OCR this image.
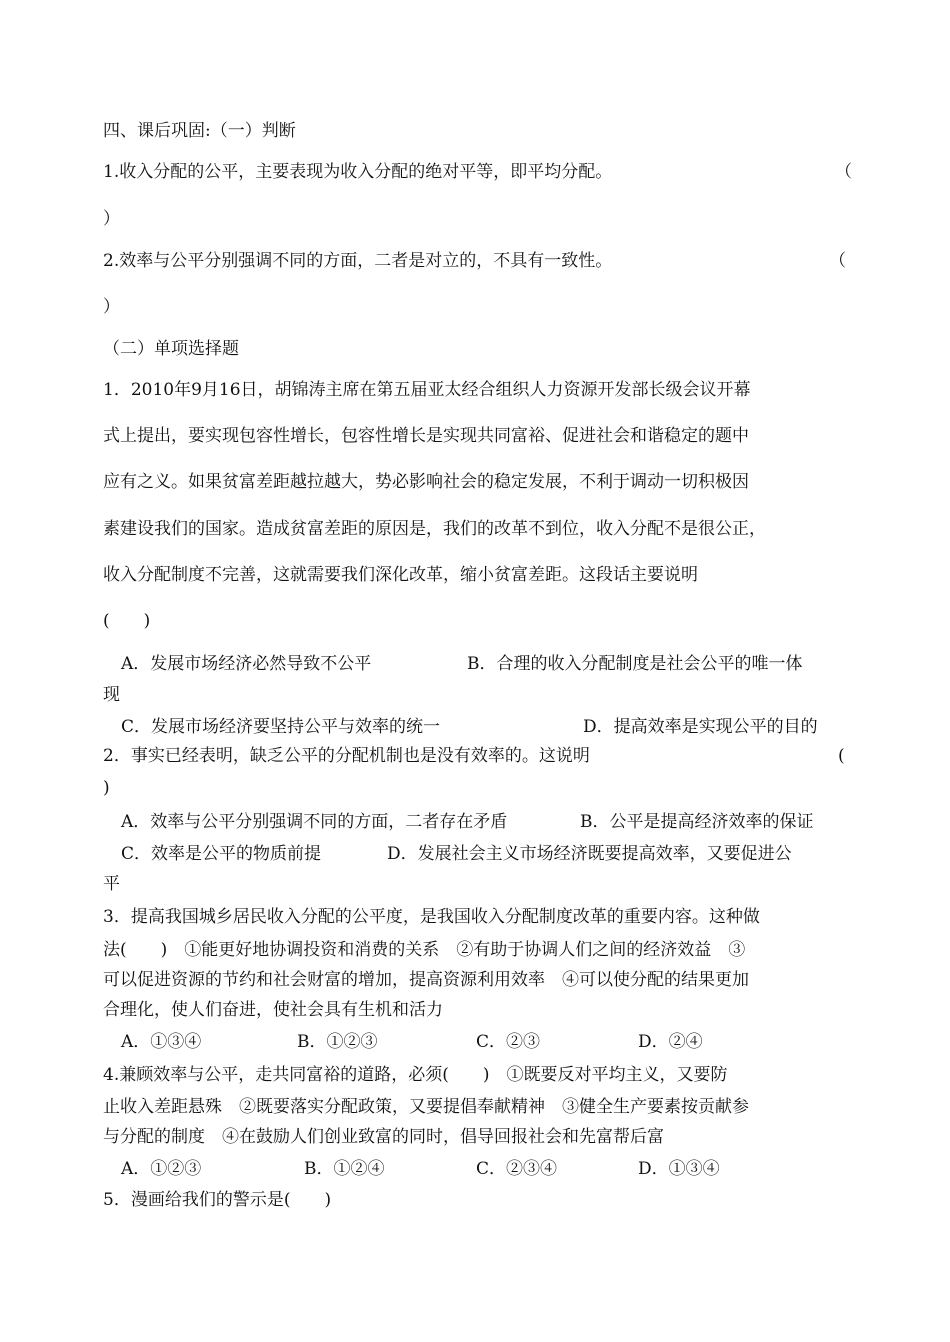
四、课后巩固:（一）判断
1.收入分配的公平，主要表现为收入分配的绝对平等，即平均分配。	（
）
2.效率与公平分别强调不同的方面，二者是对立的，不具有一致性。	（
）
（二）单项选择题
1．2010年9月16日，胡锦涛主席在第五届亚太经合组织人力资源开发部长级会议开幕
式上提出，要实现包容性增长，包容性增长是实现共同富裕、促进社会和谐稳定的题中
应有之义。如果贫富差距越拉越大，势必影响社会的稳定发展，不利于调动一切积极因
素建设我们的国家。造成贫富差距的原因是，我们的改革不到位，收入分配不是很公正，
收入分配制度不完善，这就需要我们深化改革，缩小贫富差距。这段话主要说明
(　　)
A．发展市场经济必然导致不公平	B．合理的收入分配制度是社会公平的唯一体
现
C．发展市场经济要坚持公平与效率的统一	D．提高效率是实现公平的目的
2．事实已经表明，缺乏公平的分配机制也是没有效率的。这说明	(
)
A．效率与公平分别强调不同的方面，二者存在矛盾	B．公平是提高经济效率的保证
C．效率是公平的物质前提	D．发展社会主义市场经济既要提高效率，又要促进公
平
3．提高我国城乡居民收入分配的公平度，是我国收入分配制度改革的重要内容。这种做
法(　　)　①能更好地协调投资和消费的关系　②有助于协调人们之间的经济效益　③
可以促进资源的节约和社会财富的增加，提高资源利用效率　④可以使分配的结果更加
合理化，使人们奋进，使社会具有生机和活力
A．①③④	B．①②③	C．②③	D．②④
4.兼顾效率与公平，走共同富裕的道路，必须(　　)　①既要反对平均主义，又要防
止收入差距悬殊　②既要落实分配政策，又要提倡奉献精神　③健全生产要素按贡献参
与分配的制度　④在鼓励人们创业致富的同时，倡导回报社会和先富帮后富
A．①②③	B．①②④	C．②③④	D．①③④
5．漫画给我们的警示是(　　)
